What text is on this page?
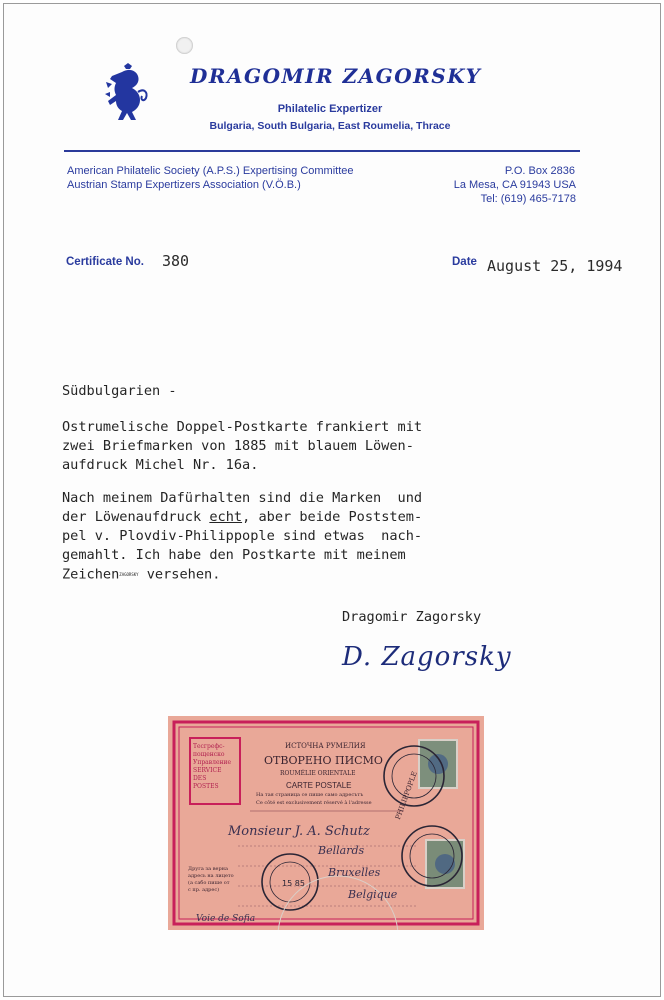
DRAGOMIR ZAGORSKY
Philatelic Expertizer
Bulgaria, South Bulgaria, East Roumelia, Thrace
American Philatelic Society (A.P.S.) Expertising Committee
Austrian Stamp Expertizers Association (V.Ö.B.)
P.O. Box 2836
La Mesa, CA 91943 USA
Tel: (619) 465-7178
Certificate No. 380	Date August 25, 1994
Südbulgarien -
Ostrumelische Doppel-Postkarte frankiert mit
zwei Briefmarken von 1885 mit blauem Löwen-
aufdruck Michel Nr. 16a.
Nach meinem Dafürhalten sind die Marken  und
der Löwenaufdruck echt, aber beide Poststem-
pel v. Plovdiv-Philippople sind etwas  nach-
gemahlt. Ich habe den Postkarte mit meinem
ZeichenZAGORSKY versehen.
Dragomir Zagorsky
D. Zagorsky
15 85
Тесгрефс-
пощенско
Управление
SERVICE
DES
POSTES
ИСТОЧНА РУМЕЛИЯ
ОТВОРЕНО ПИСМО
ROUMÉLIE ORIENTALE
CARTE POSTALE
На тая страница се пише само адресътъ
Ce côté est exclusivement réservé à l'adresse
Друга за верна
адресь на лицето
(а сабо пише от
с пр. адрес)
Monsieur J. A. Schutz
Bellards
Bruxelles
Belgique
Voie de Sofia
PHILIPPOPLE
